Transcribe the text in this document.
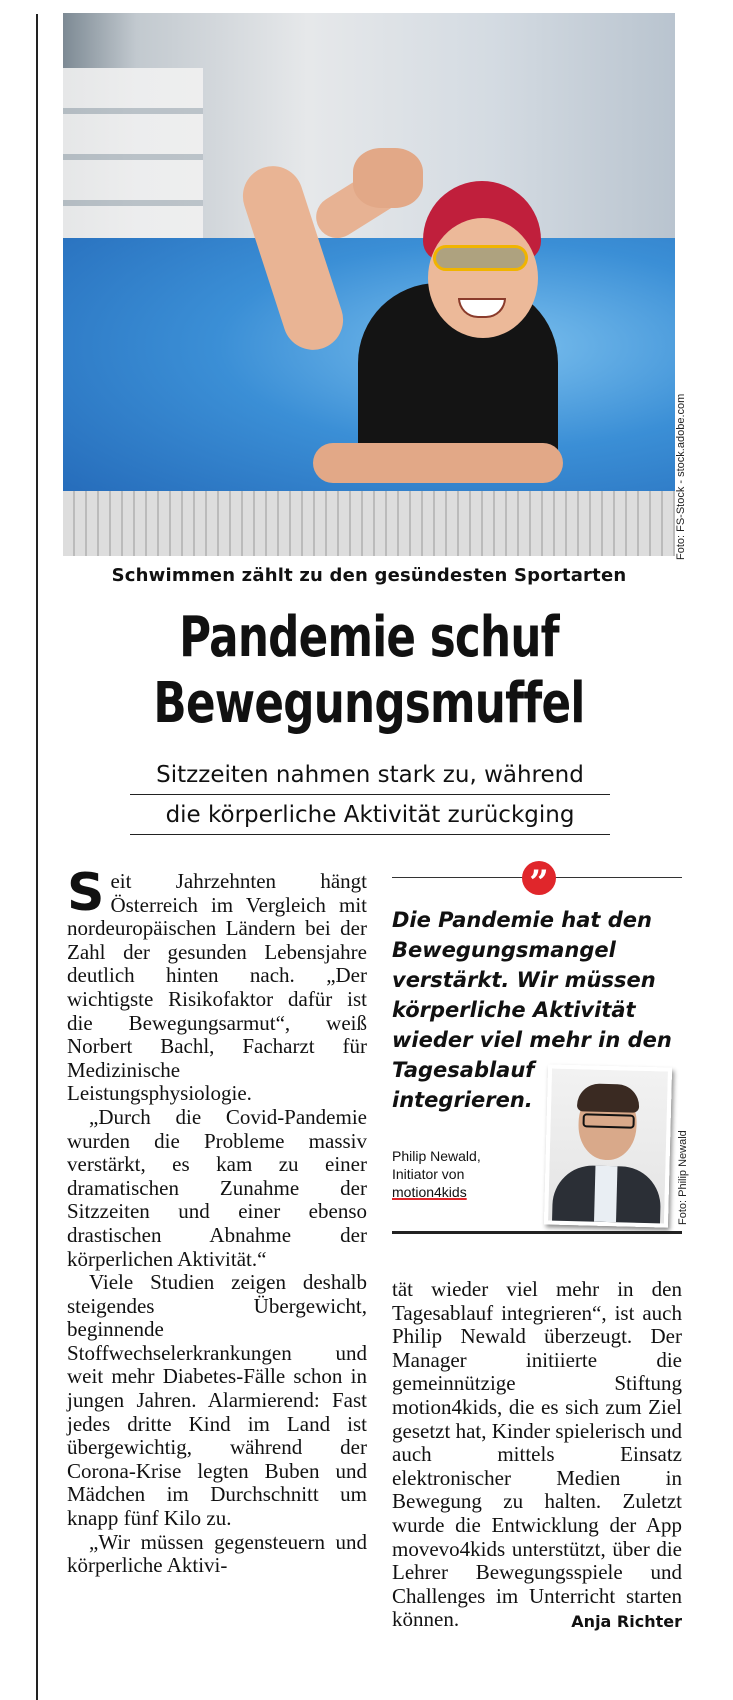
Foto: FS-Stock - stock.adobe.com
Schwimmen zählt zu den gesündesten Sportarten
Pandemie schuf
Bewegungsmuffel
Sitzzeiten nahmen stark zu, während
die körperliche Aktivität zurückging

Seit Jahrzehnten hängt Österreich im Vergleich mit nordeuropäischen Ländern bei der Zahl der gesunden Lebensjahre deutlich hinten nach. „Der wichtigste Risikofaktor dafür ist die Bewegungsarmut“, weiß Norbert Bachl, Facharzt für Medizinische Leistungsphysiologie.

„Durch die Covid-Pandemie wurden die Probleme massiv verstärkt, es kam zu einer dramatischen Zunahme der Sitzzeiten und einer ebenso drastischen Abnahme der körperlichen Aktivität.“

Viele Studien zeigen deshalb steigendes Übergewicht, beginnende Stoffwechselerkrankungen und weit mehr Diabetes-Fälle schon in jungen Jahren. Alarmierend: Fast jedes dritte Kind im Land ist übergewichtig, während der Corona-Krise legten Buben und Mädchen im Durchschnitt um knapp fünf Kilo zu.

„Wir müssen gegensteuern und körperliche Aktivi-

”
Die Pandemie hat den Bewegungsmangel verstärkt. Wir müssen körperliche Aktivität wieder viel mehr in den Tagesablauf integrieren.
Philip Newald,
Initiator von
motion4kids	Foto: Philip Newald

tät wieder viel mehr in den Tagesablauf integrieren“, ist auch Philip Newald überzeugt. Der Manager initiierte die gemeinnützige Stiftung motion4kids, die es sich zum Ziel gesetzt hat, Kinder spielerisch und auch mittels Einsatz elektronischer Medien in Bewegung zu halten. Zuletzt wurde die Entwicklung der App movevo4kids unterstützt, über die Lehrer Bewegungsspiele und Challenges im Unterricht starten können.	Anja Richter
